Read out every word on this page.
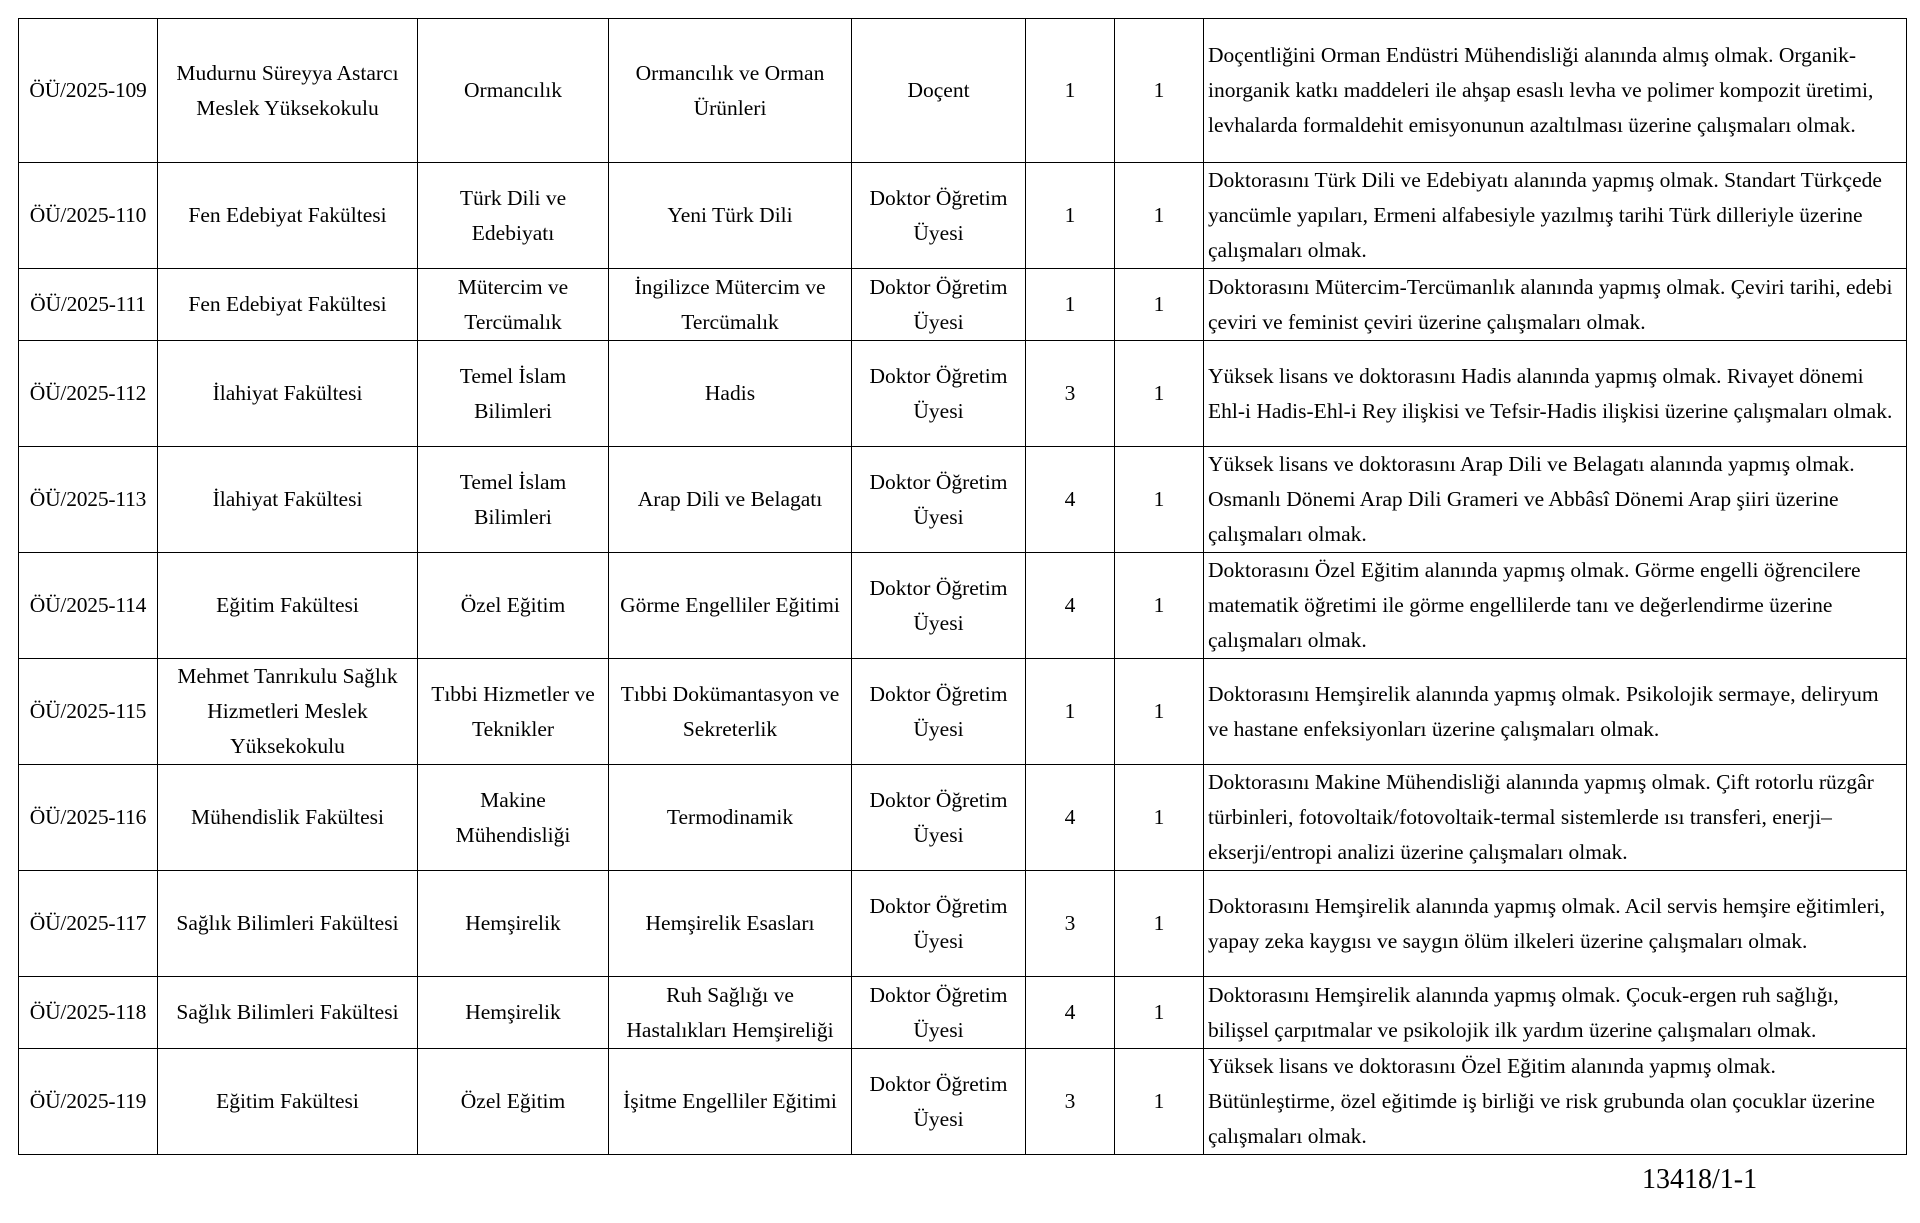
ÖÜ/2025-109	Mudurnu Süreyya Astarcı Meslek Yüksekokulu	Ormancılık	Ormancılık ve Orman Ürünleri	Doçent	1	1	Doçentliğini Orman Endüstri Mühendisliği alanında almış olmak. Organik-inorganik katkı maddeleri ile ahşap esaslı levha ve polimer kompozit üretimi, levhalarda formaldehit emisyonunun azaltılması üzerine çalışmaları olmak.
ÖÜ/2025-110	Fen Edebiyat Fakültesi	Türk Dili ve Edebiyatı	Yeni Türk Dili	Doktor Öğretim Üyesi	1	1	Doktorasını Türk Dili ve Edebiyatı alanında yapmış olmak. Standart Türkçede yancümle yapıları, Ermeni alfabesiyle yazılmış tarihi Türk dilleriyle üzerine çalışmaları olmak.
ÖÜ/2025-111	Fen Edebiyat Fakültesi	Mütercim ve Tercümalık	İngilizce Mütercim ve Tercümalık	Doktor Öğretim Üyesi	1	1	Doktorasını Mütercim-Tercümanlık alanında yapmış olmak. Çeviri tarihi, edebi çeviri ve feminist çeviri üzerine çalışmaları olmak.
ÖÜ/2025-112	İlahiyat Fakültesi	Temel İslam Bilimleri	Hadis	Doktor Öğretim Üyesi	3	1	Yüksek lisans ve doktorasını Hadis alanında yapmış olmak. Rivayet dönemi Ehl-i Hadis-Ehl-i Rey ilişkisi ve Tefsir-Hadis ilişkisi üzerine çalışmaları olmak.
ÖÜ/2025-113	İlahiyat Fakültesi	Temel İslam Bilimleri	Arap Dili ve Belagatı	Doktor Öğretim Üyesi	4	1	Yüksek lisans ve doktorasını Arap Dili ve Belagatı alanında yapmış olmak. Osmanlı Dönemi Arap Dili Grameri ve Abbâsî Dönemi Arap şiiri üzerine çalışmaları olmak.
ÖÜ/2025-114	Eğitim Fakültesi	Özel Eğitim	Görme Engelliler Eğitimi	Doktor Öğretim Üyesi	4	1	Doktorasını Özel Eğitim alanında yapmış olmak. Görme engelli öğrencilere matematik öğretimi ile görme engellilerde tanı ve değerlendirme üzerine çalışmaları olmak.
ÖÜ/2025-115	Mehmet Tanrıkulu Sağlık Hizmetleri Meslek Yüksekokulu	Tıbbi Hizmetler ve Teknikler	Tıbbi Dokümantasyon ve Sekreterlik	Doktor Öğretim Üyesi	1	1	Doktorasını Hemşirelik alanında yapmış olmak. Psikolojik sermaye, deliryum ve hastane enfeksiyonları üzerine çalışmaları olmak.
ÖÜ/2025-116	Mühendislik Fakültesi	Makine Mühendisliği	Termodinamik	Doktor Öğretim Üyesi	4	1	Doktorasını Makine Mühendisliği alanında yapmış olmak. Çift rotorlu rüzgâr türbinleri, fotovoltaik/fotovoltaik-termal sistemlerde ısı transferi, enerji–ekserji/entropi analizi üzerine çalışmaları olmak.
ÖÜ/2025-117	Sağlık Bilimleri Fakültesi	Hemşirelik	Hemşirelik Esasları	Doktor Öğretim Üyesi	3	1	Doktorasını Hemşirelik alanında yapmış olmak. Acil servis hemşire eğitimleri, yapay zeka kaygısı ve saygın ölüm ilkeleri üzerine çalışmaları olmak.
ÖÜ/2025-118	Sağlık Bilimleri Fakültesi	Hemşirelik	Ruh Sağlığı ve Hastalıkları Hemşireliği	Doktor Öğretim Üyesi	4	1	Doktorasını Hemşirelik alanında yapmış olmak. Çocuk-ergen ruh sağlığı, bilişsel çarpıtmalar ve psikolojik ilk yardım üzerine çalışmaları olmak.
ÖÜ/2025-119	Eğitim Fakültesi	Özel Eğitim	İşitme Engelliler Eğitimi	Doktor Öğretim Üyesi	3	1	Yüksek lisans ve doktorasını Özel Eğitim alanında yapmış olmak. Bütünleştirme, özel eğitimde iş birliği ve risk grubunda olan çocuklar üzerine çalışmaları olmak.
13418/1-1
